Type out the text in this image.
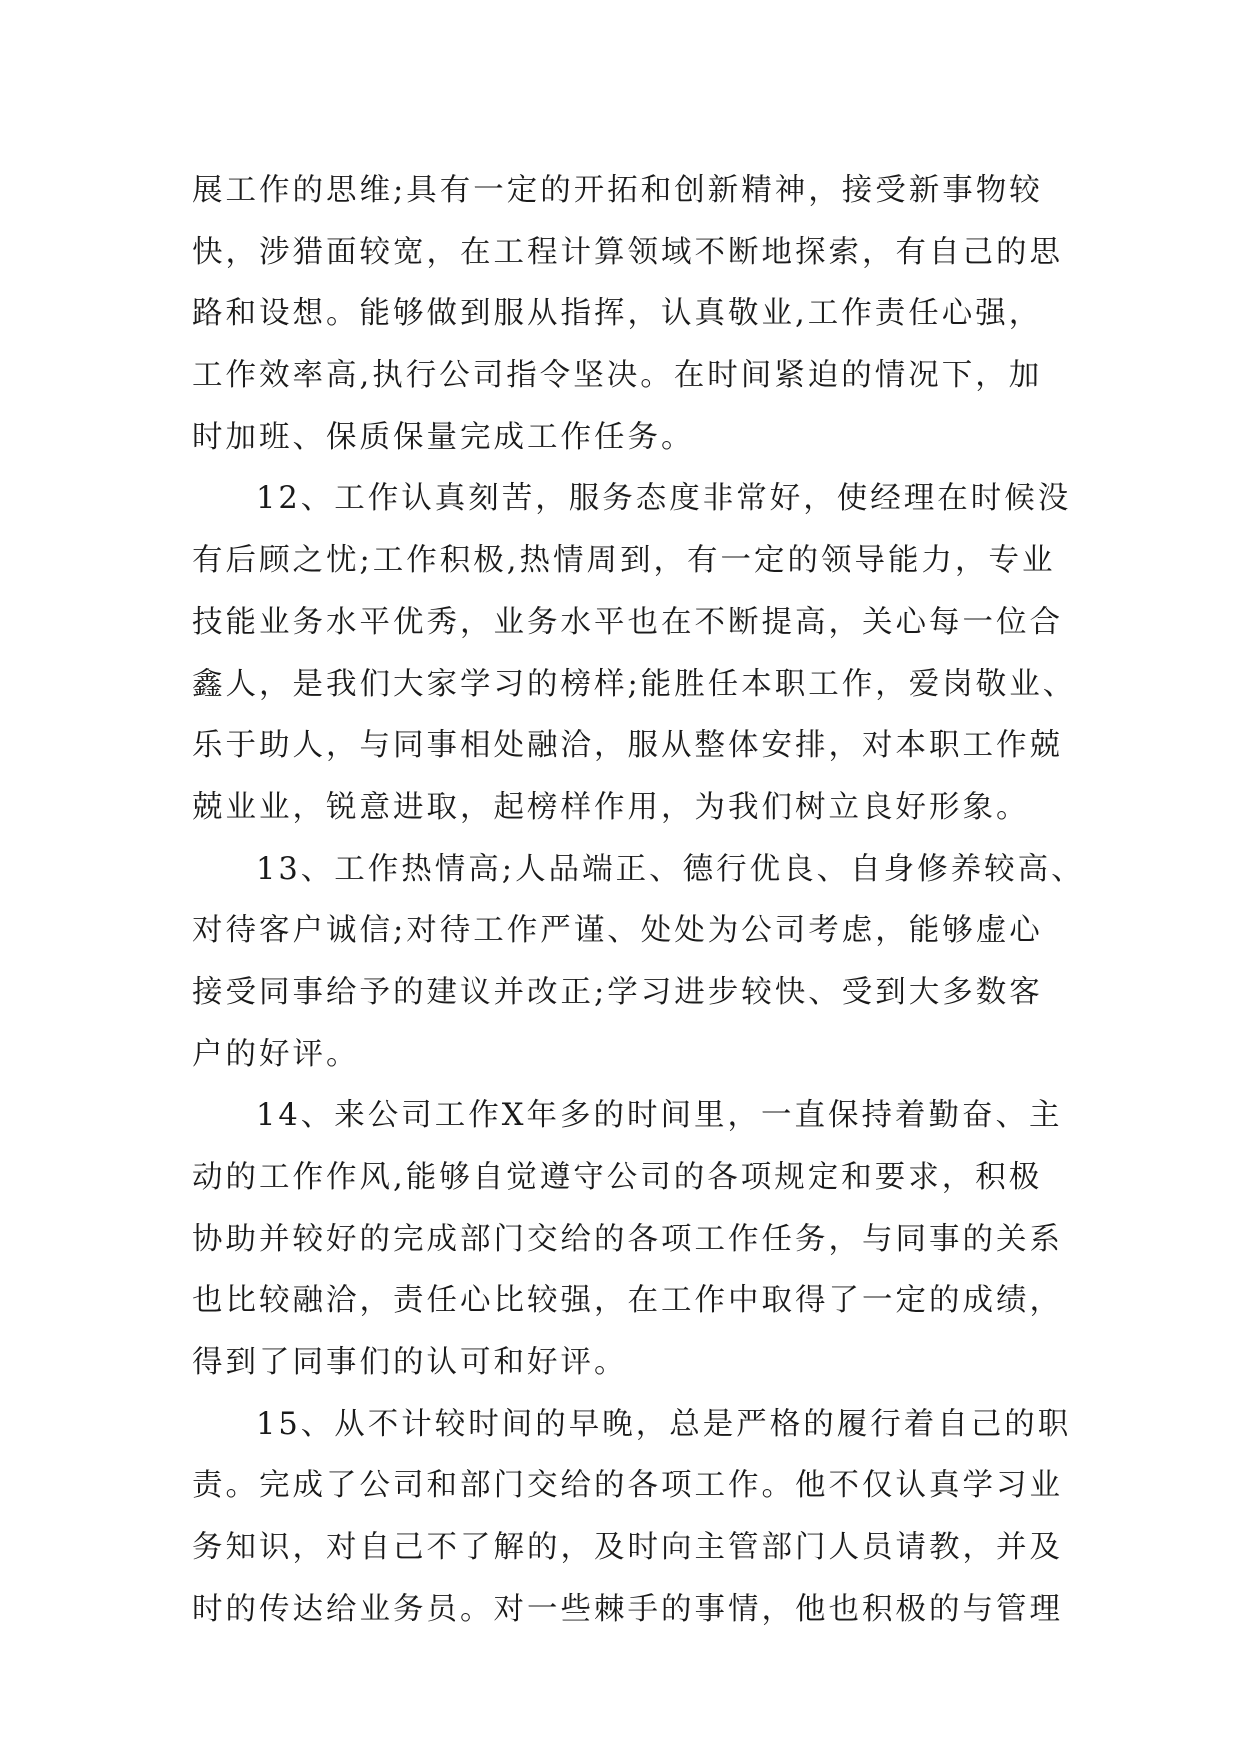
展工作的思维;具有一定的开拓和创新精神，接受新事物较
快，涉猎面较宽，在工程计算领域不断地探索，有自己的思
路和设想。能够做到服从指挥，认真敬业,工作责任心强，
工作效率高,执行公司指令坚决。在时间紧迫的情况下，加
时加班、保质保量完成工作任务。
12、工作认真刻苦，服务态度非常好，使经理在时候没
有后顾之忧;工作积极,热情周到，有一定的领导能力，专业
技能业务水平优秀，业务水平也在不断提高，关心每一位合
鑫人，是我们大家学习的榜样;能胜任本职工作，爱岗敬业、
乐于助人，与同事相处融洽，服从整体安排，对本职工作兢
兢业业，锐意进取，起榜样作用，为我们树立良好形象。
13、工作热情高;人品端正、德行优良、自身修养较高、
对待客户诚信;对待工作严谨、处处为公司考虑，能够虚心
接受同事给予的建议并改正;学习进步较快、受到大多数客
户的好评。
14、来公司工作X年多的时间里，一直保持着勤奋、主
动的工作作风,能够自觉遵守公司的各项规定和要求，积极
协助并较好的完成部门交给的各项工作任务，与同事的关系
也比较融洽，责任心比较强，在工作中取得了一定的成绩，
得到了同事们的认可和好评。
15、从不计较时间的早晚，总是严格的履行着自己的职
责。完成了公司和部门交给的各项工作。他不仅认真学习业
务知识，对自己不了解的，及时向主管部门人员请教，并及
时的传达给业务员。对一些棘手的事情，他也积极的与管理
